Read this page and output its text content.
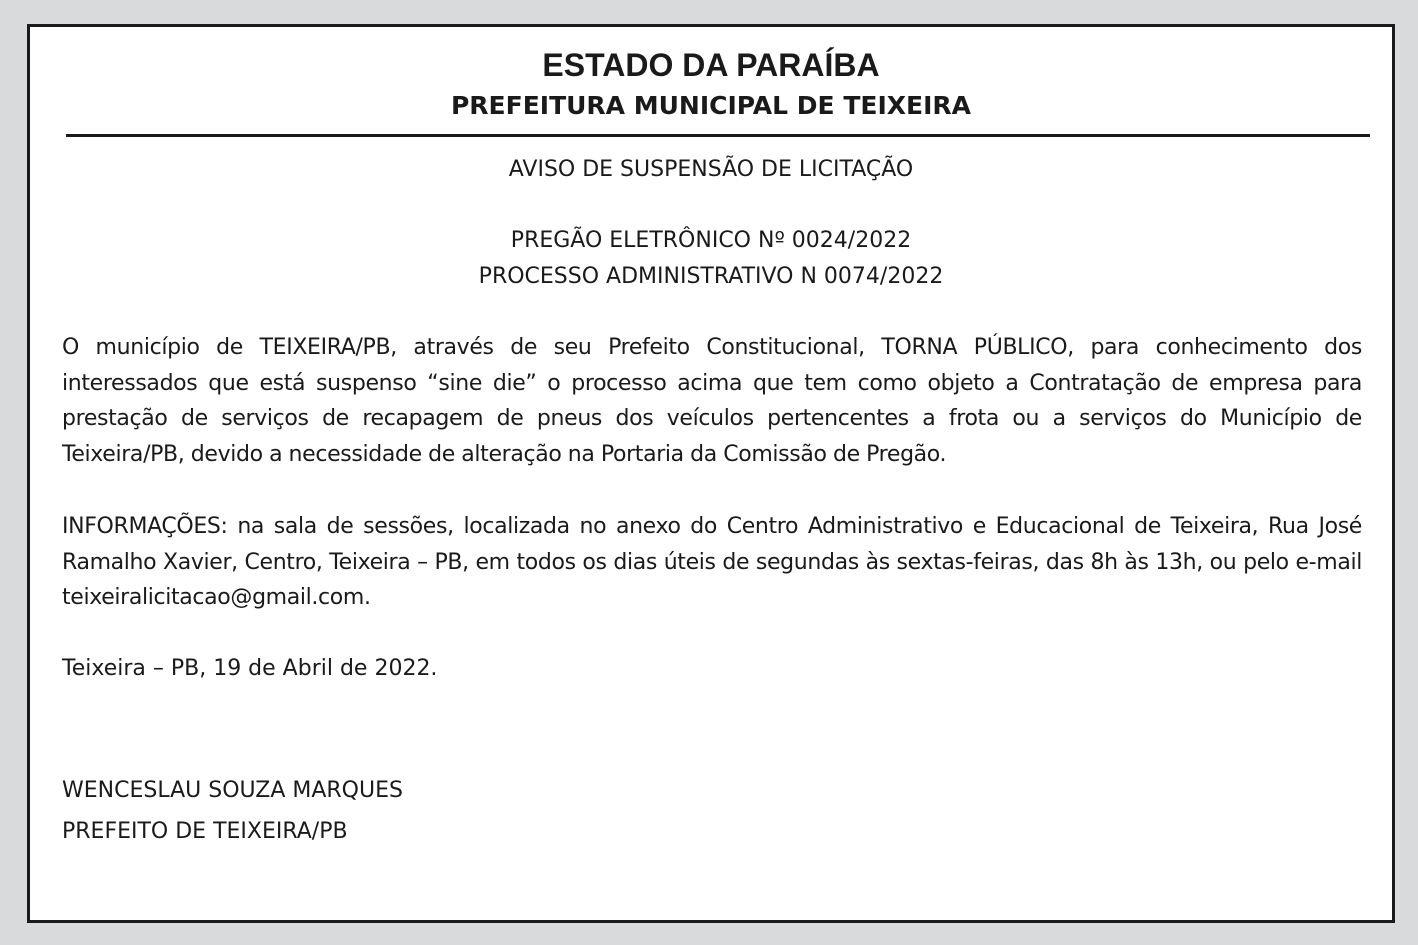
ESTADO DA PARAÍBA
PREFEITURA MUNICIPAL DE TEIXEIRA

AVISO DE SUSPENSÃO DE LICITAÇÃO

PREGÃO ELETRÔNICO Nº 0024/2022

PROCESSO ADMINISTRATIVO N 0074/2022

O município de TEIXEIRA/PB, através de seu Prefeito Constitucional, TORNA PÚBLICO, para conhecimento dos interessados que está suspenso “sine die” o processo acima que tem como objeto a Contratação de empresa para prestação de serviços de recapagem de pneus dos veículos pertencentes a frota ou a serviços do Município de Teixeira/PB, devido a necessidade de alteração na Portaria da Comissão de Pregão.

INFORMAÇÕES: na sala de sessões, localizada no anexo do Centro Administrativo e Educacional de Teixeira, Rua José Ramalho Xavier, Centro, Teixeira – PB, em todos os dias úteis de segundas às sextas-feiras, das 8h às 13h, ou pelo e-mail teixeiralicitacao@gmail.com.

Teixeira – PB, 19 de Abril de 2022.

WENCESLAU SOUZA MARQUES

PREFEITO DE TEIXEIRA/PB
